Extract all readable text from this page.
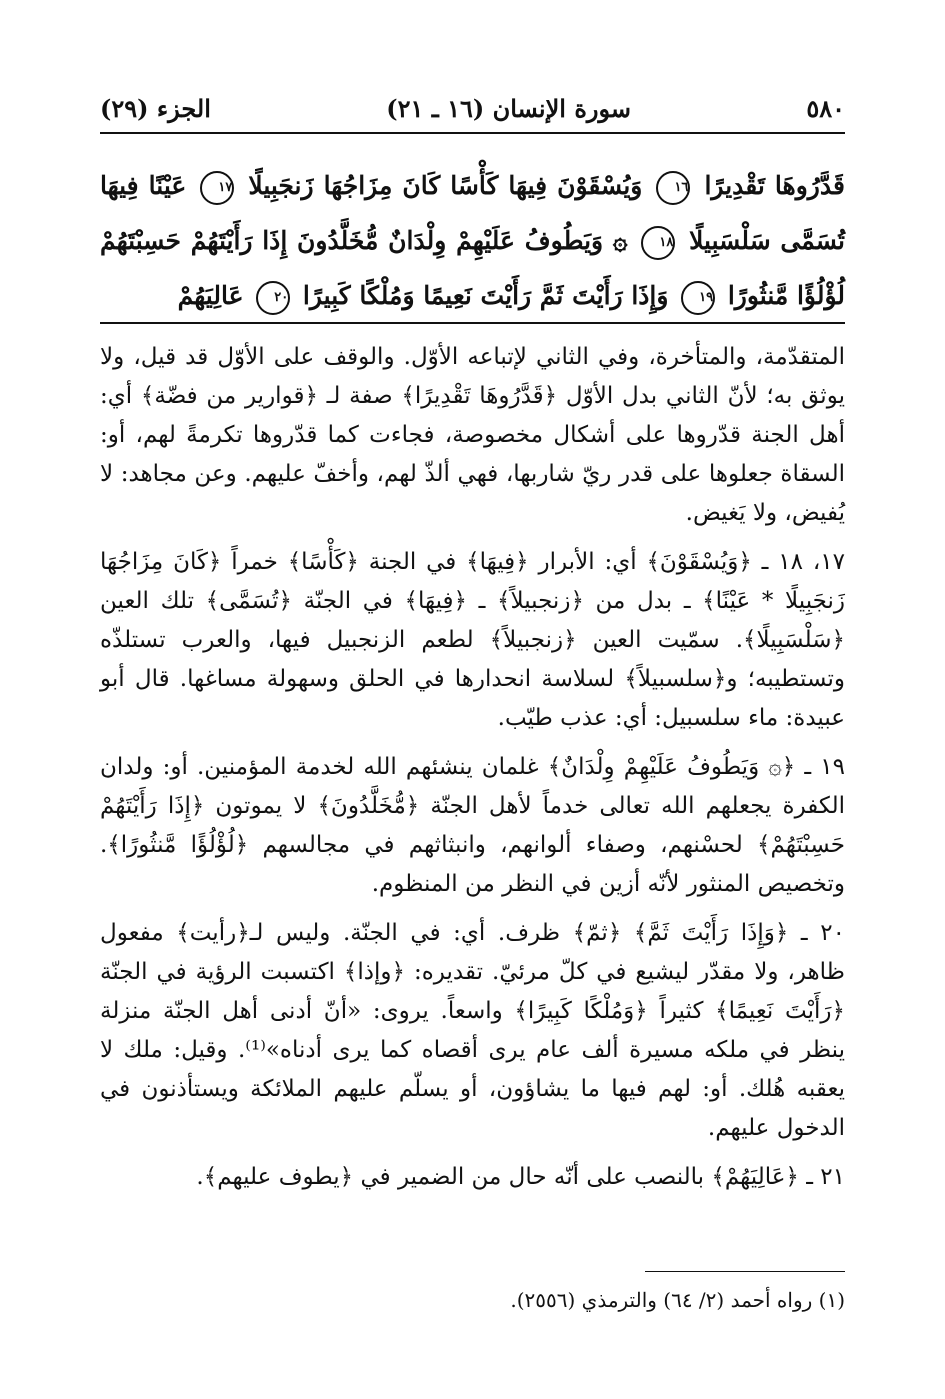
٥٨٠
سورة الإنسان (١٦ ـ ٢١)
الجزء (٢٩)
قَدَّرُوهَا تَقْدِيرًا ١٦ وَيُسْقَوْنَ فِيهَا كَأْسًا كَانَ مِزَاجُهَا زَنجَبِيلًا ١٧ عَيْنًا فِيهَا تُسَمَّى سَلْسَبِيلًا ١٨ ۞ وَيَطُوفُ عَلَيْهِمْ وِلْدَانٌ مُّخَلَّدُونَ إِذَا رَأَيْتَهُمْ حَسِبْتَهُمْ لُؤْلُؤًا مَّنثُورًا ١٩ وَإِذَا رَأَيْتَ ثَمَّ رَأَيْتَ نَعِيمًا وَمُلْكًا كَبِيرًا ٢٠ عَالِيَهُمْ

المتقدّمة، والمتأخرة، وفي الثاني لإتباعه الأوّل. والوقف على الأوّل قد قيل، ولا يوثق به؛ لأنّ الثاني بدل الأوّل ﴿قَدَّرُوهَا تَقْدِيرًا﴾ صفة لـ ﴿قوارير من فضّة﴾ أي: أهل الجنة قدّروها على أشكال مخصوصة، فجاءت كما قدّروها تكرمةً لهم، أو: السقاة جعلوها على قدر ريّ شاربها، فهي ألذّ لهم، وأخفّ عليهم. وعن مجاهد: لا يُفيض، ولا يَغيض.

١٧، ١٨ ـ ﴿وَيُسْقَوْنَ﴾ أي: الأبرار ﴿فِيهَا﴾ في الجنة ﴿كَأْسًا﴾ خمراً ﴿كَانَ مِزَاجُهَا زَنجَبِيلًا * عَيْنًا﴾ ـ بدل من ﴿زنجبيلاً﴾ ـ ﴿فِيهَا﴾ في الجنّة ﴿تُسَمَّى﴾ تلك العين ﴿سَلْسَبِيلًا﴾. سمّيت العين ﴿زنجبيلاً﴾ لطعم الزنجبيل فيها، والعرب تستلذّه وتستطيبه؛ و﴿سلسبيلاً﴾ لسلاسة انحدارها في الحلق وسهولة مساغها. قال أبو عبيدة: ماء سلسبيل: أي: عذب طيّب.

١٩ ـ ﴿۞ وَيَطُوفُ عَلَيْهِمْ وِلْدَانٌ﴾ غلمان ينشئهم الله لخدمة المؤمنين. أو: ولدان الكفرة يجعلهم الله تعالى خدماً لأهل الجنّة ﴿مُّخَلَّدُونَ﴾ لا يموتون ﴿إِذَا رَأَيْتَهُمْ حَسِبْتَهُمْ﴾ لحسْنهم، وصفاء ألوانهم، وانبثاثهم في مجالسهم ﴿لُؤْلُؤًا مَّنثُورًا﴾. وتخصيص المنثور لأنّه أزين في النظر من المنظوم.

٢٠ ـ ﴿وَإِذَا رَأَيْتَ ثَمَّ﴾ ﴿ثمّ﴾ ظرف. أي: في الجنّة. وليس لـ﴿رأيت﴾ مفعول ظاهر، ولا مقدّر ليشيع في كلّ مرئيّ. تقديره: ﴿وإذا﴾ اكتسبت الرؤية في الجنّة ﴿رَأَيْتَ نَعِيمًا﴾ كثيراً ﴿وَمُلْكًا كَبِيرًا﴾ واسعاً. يروى: «أنّ أدنى أهل الجنّة منزلة ينظر في ملكه مسيرة ألف عام يرى أقصاه كما يرى أدناه»⁽¹⁾. وقيل: ملك لا يعقبه هُلك. أو: لهم فيها ما يشاؤون، أو يسلّم عليهم الملائكة ويستأذنون في الدخول عليهم.

٢١ ـ ﴿عَالِيَهُمْ﴾ بالنصب على أنّه حال من الضمير في ﴿يطوف عليهم﴾.

(١) رواه أحمد (٢/ ٦٤) والترمذي (٢٥٥٦).
